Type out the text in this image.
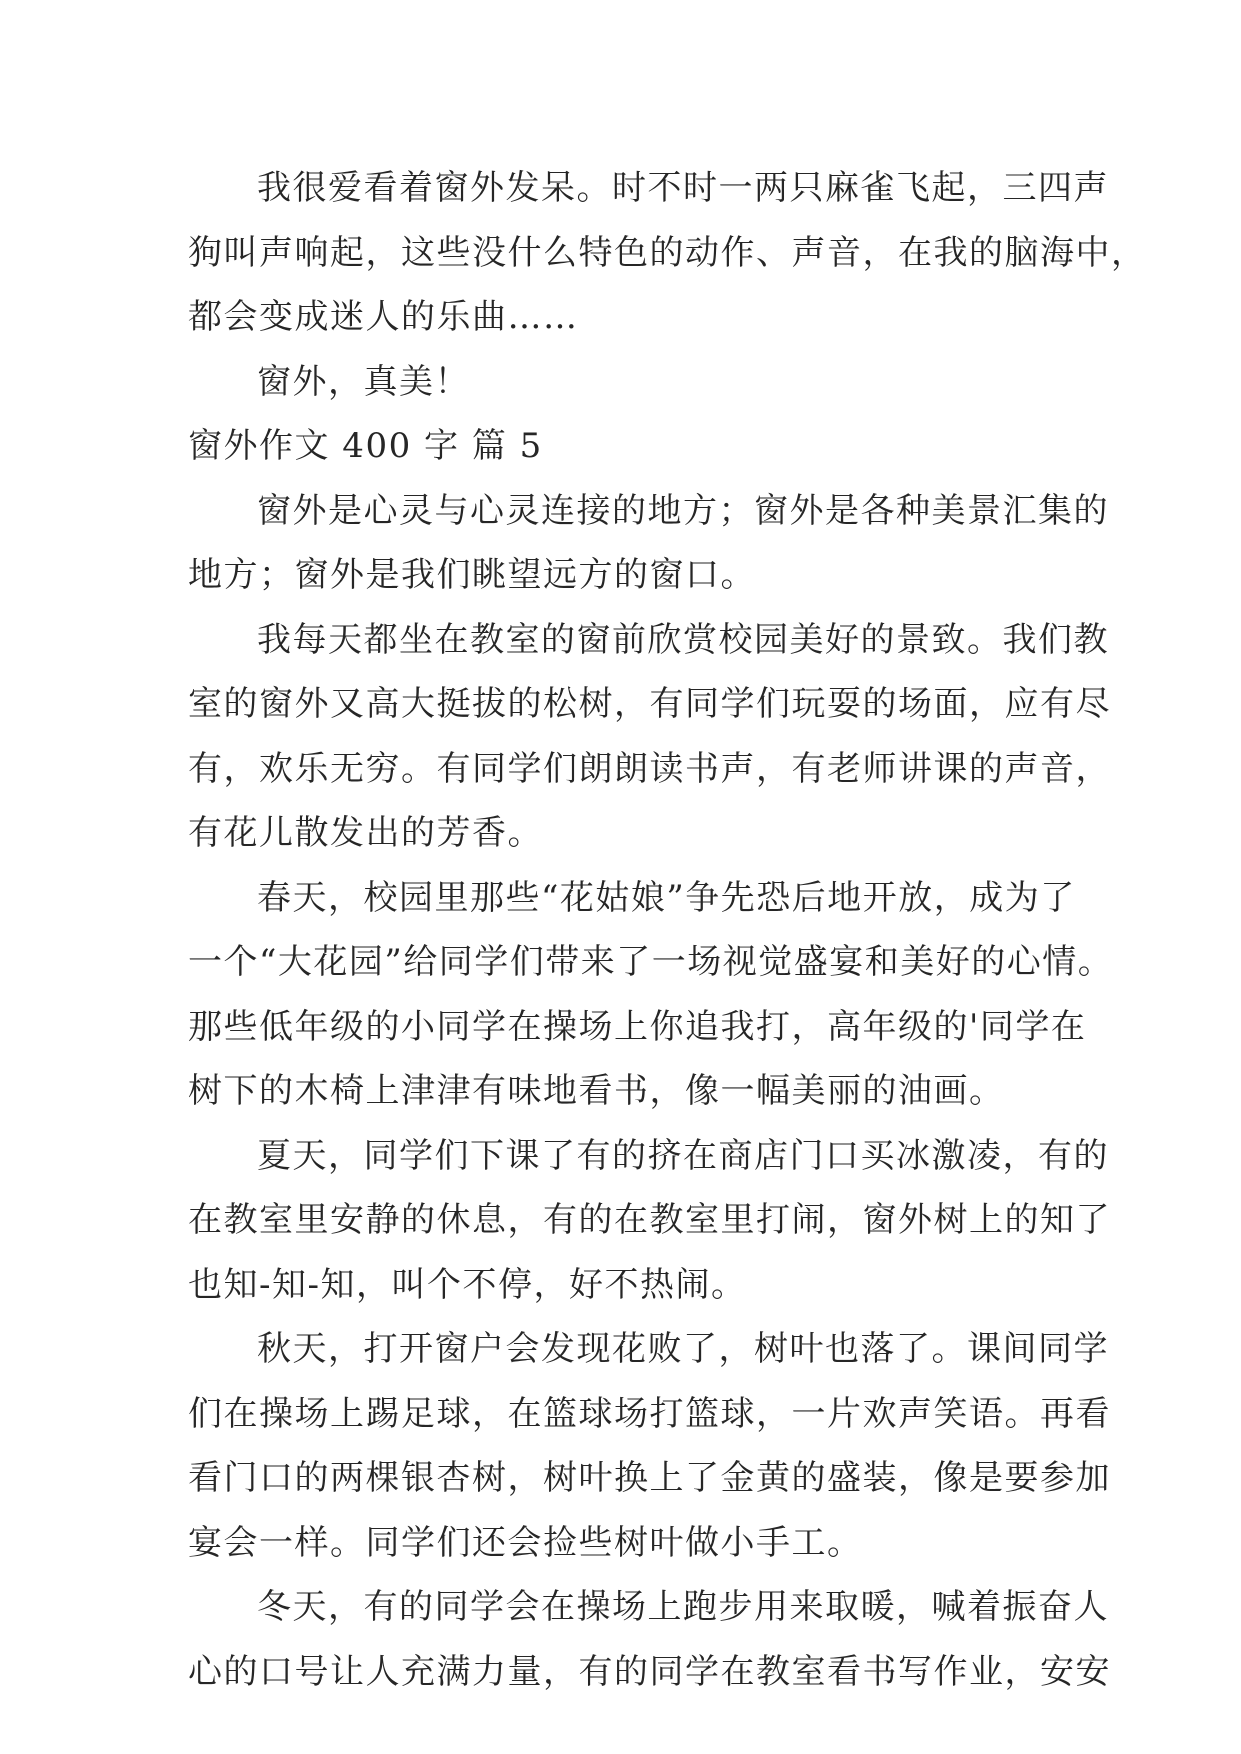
我很爱看着窗外发呆。时不时一两只麻雀飞起，三四声
狗叫声响起，这些没什么特色的动作、声音，在我的脑海中，
都会变成迷人的乐曲……
窗外，真美！
窗外作文 400 字 篇 5
窗外是心灵与心灵连接的地方；窗外是各种美景汇集的
地方；窗外是我们眺望远方的窗口。
我每天都坐在教室的窗前欣赏校园美好的景致。我们教
室的窗外又高大挺拔的松树，有同学们玩耍的场面，应有尽
有，欢乐无穷。有同学们朗朗读书声，有老师讲课的声音，
有花儿散发出的芳香。
春天，校园里那些“花姑娘”争先恐后地开放，成为了
一个“大花园”给同学们带来了一场视觉盛宴和美好的心情。
那些低年级的小同学在操场上你追我打，高年级的'同学在
树下的木椅上津津有味地看书，像一幅美丽的油画。
夏天，同学们下课了有的挤在商店门口买冰激凌，有的
在教室里安静的休息，有的在教室里打闹，窗外树上的知了
也知-知-知，叫个不停，好不热闹。
秋天，打开窗户会发现花败了，树叶也落了。课间同学
们在操场上踢足球，在篮球场打篮球，一片欢声笑语。再看
看门口的两棵银杏树，树叶换上了金黄的盛装，像是要参加
宴会一样。同学们还会捡些树叶做小手工。
冬天，有的同学会在操场上跑步用来取暖，喊着振奋人
心的口号让人充满力量，有的同学在教室看书写作业，安安
